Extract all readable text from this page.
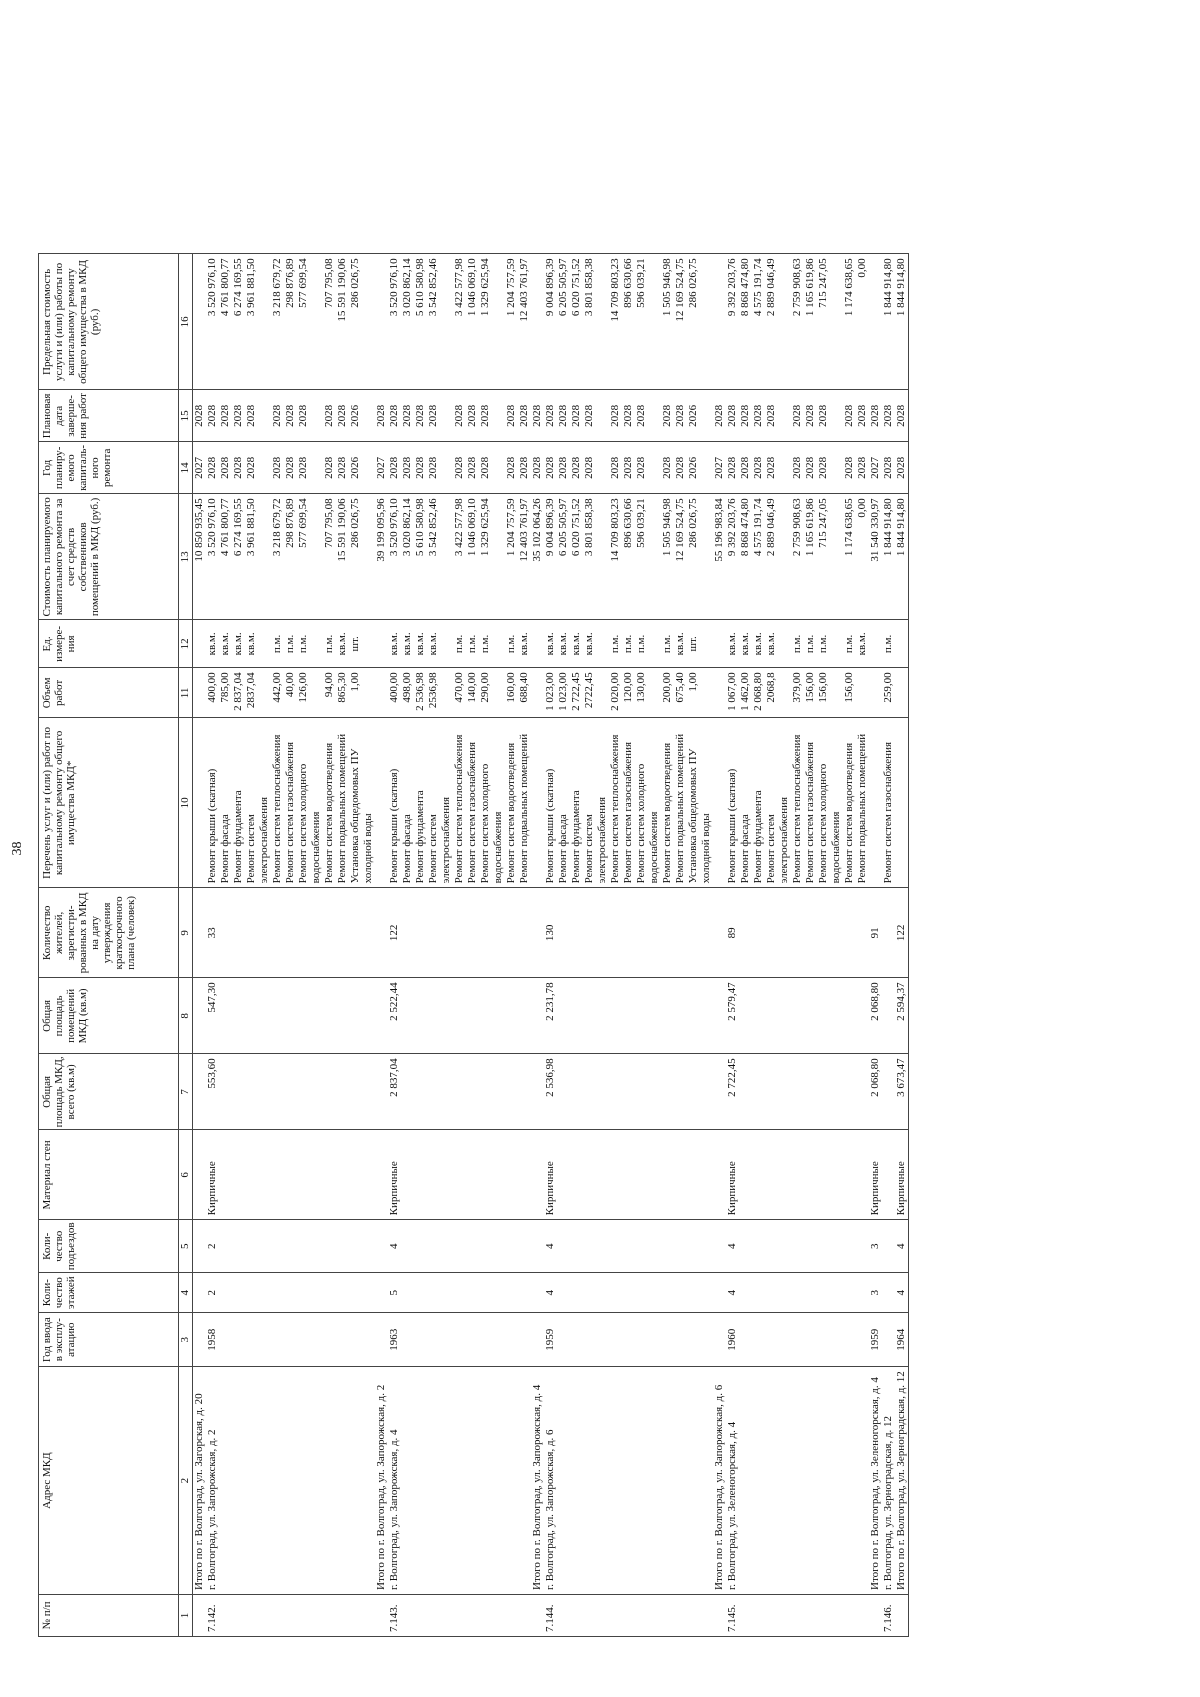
38
№ п/п	Адрес МКД	Год ввода в эксплу-атацию	Коли-чество этажей	Коли-чество подъездов	Материал стен	Общая площадь МКД, всего (кв.м)	Общая площадь помещений МКД (кв.м)	Количество жителей, зарегистри-рованных в МКД на дату утверждения краткосрочного плана (человек)	Перечень услуг и (или) работ по капитальному ремонту общего имущества МКД*	Объем работ	Ед. измере-ния	Стоимость планируемого капитального ремонта за счет средств собственников помещений в МКД (руб.)	Год планиру-емого капиталь-ного ремонта	Плановая дата заверше-ния работ	Предельная стоимость услуги и (или) работы по капитальному ремонту общего имущества в МКД (руб.)
1	2	3	4	5	6	7	8	9	10	11	12	13	14	15	16
	Итого по г. Волгоград, ул. Загорская, д. 20											10 850 935,45	2027	2028	
7.142.	г. Волгоград, ул. Запорожская, д. 2	1958	2	2	Кирпичные	553,60	547,30	33	Ремонт крыши (скатная)	400,00	кв.м.	3 520 976,10	2028	2028	3 520 976,10
									Ремонт фасада	785,00	кв.м.	4 761 800,77	2028	2028	4 761 800,77
									Ремонт фундамента	2 837,04	кв.м.	6 274 169,55	2028	2028	6 274 169,55
									Ремонт систем	2837,04	кв.м.	3 961 881,50	2028	2028	3 961 881,50
									электроснабжения						
									Ремонт систем теплоснабжения	442,00	п.м.	3 218 679,72	2028	2028	3 218 679,72

									Ремонт систем газоснабжения	40,00	п.м.	298 876,89	2028	2028	298 876,89
									Ремонт систем холодного	126,00	п.м.	577 699,54	2028	2028	577 699,54
									водоснабжения						
									Ремонт систем водоотведения	94,00	п.м.	707 795,08	2028	2028	707 795,08
									Ремонт подвальных помещений	865,30	кв.м.	15 591 190,06	2028	2028	15 591 190,06

									Установка общедомовых ПУ	1,00	шт.	286 026,75	2026	2026	286 026,75
									холодной воды						
	Итого по г. Волгоград, ул. Запорожская, д. 2											39 199 095,96	2027	2028	
7.143.	г. Волгоград, ул. Запорожская, д. 4	1963	5	4	Кирпичные	2 837,04	2 522,44	122	Ремонт крыши (скатная)	400,00	кв.м.	3 520 976,10	2028	2028	3 520 976,10
									Ремонт фасада	498,00	кв.м.	3 020 862,14	2028	2028	3 020 862,14
									Ремонт фундамента	2 536,98	кв.м.	5 610 580,98	2028	2028	5 610 580,98
									Ремонт систем	2536,98	кв.м.	3 542 852,46	2028	2028	3 542 852,46
									электроснабжения						
									Ремонт систем теплоснабжения	470,00	п.м.	3 422 577,98	2028	2028	3 422 577,98

									Ремонт систем газоснабжения	140,00	п.м.	1 046 069,10	2028	2028	1 046 069,10
									Ремонт систем холодного	290,00	п.м.	1 329 625,94	2028	2028	1 329 625,94
									водоснабжения						
									Ремонт систем водоотведения	160,00	п.м.	1 204 757,59	2028	2028	1 204 757,59
									Ремонт подвальных помещений	688,40	кв.м.	12 403 761,97	2028	2028	12 403 761,97

	Итого по г. Волгоград, ул. Запорожская, д. 4											35 102 064,26	2028	2028	
7.144.	г. Волгоград, ул. Запорожская, д. 6	1959	4	4	Кирпичные	2 536,98	2 231,78	130	Ремонт крыши (скатная)	1 023,00	кв.м.	9 004 896,39	2028	2028	9 004 896,39
									Ремонт фасада	1 023,00	кв.м.	6 205 505,97	2028	2028	6 205 505,97
									Ремонт фундамента	2 722,45	кв.м.	6 020 751,52	2028	2028	6 020 751,52
									Ремонт систем	2722,45	кв.м.	3 801 858,38	2028	2028	3 801 858,38
									электроснабжения						
									Ремонт систем теплоснабжения	2 020,00	п.м.	14 709 803,23	2028	2028	14 709 803,23

									Ремонт систем газоснабжения	120,00	п.м.	896 630,66	2028	2028	896 630,66
									Ремонт систем холодного	130,00	п.м.	596 039,21	2028	2028	596 039,21
									водоснабжения						
									Ремонт систем водоотведения	200,00	п.м.	1 505 946,98	2028	2028	1 505 946,98
									Ремонт подвальных помещений	675,40	кв.м.	12 169 524,75	2028	2028	12 169 524,75

									Установка общедомовых ПУ	1,00	шт.	286 026,75	2026	2026	286 026,75
									холодной воды						
	Итого по г. Волгоград, ул. Запорожская, д. 6											55 196 983,84	2027	2028	
7.145.	г. Волгоград, ул. Зеленогорская, д. 4	1960	4	4	Кирпичные	2 722,45	2 579,47	89	Ремонт крыши (скатная)	1 067,00	кв.м.	9 392 203,76	2028	2028	9 392 203,76
									Ремонт фасада	1 462,00	кв.м.	8 868 474,80	2028	2028	8 868 474,80
									Ремонт фундамента	2 068,80	кв.м.	4 575 191,74	2028	2028	4 575 191,74
									Ремонт систем	2068,8	кв.м.	2 889 046,49	2028	2028	2 889 046,49
									электроснабжения						
									Ремонт систем теплоснабжения	379,00	п.м.	2 759 908,63	2028	2028	2 759 908,63

									Ремонт систем газоснабжения	156,00	п.м.	1 165 619,86	2028	2028	1 165 619,86
									Ремонт систем холодного	156,00	п.м.	715 247,05	2028	2028	715 247,05
									водоснабжения						
									Ремонт систем водоотведения	156,00	п.м.	1 174 638,65	2028	2028	1 174 638,65
									Ремонт подвальных помещений		кв.м.	0,00	2028	2028	0,00

	Итого по г. Волгоград, ул. Зеленогорская, д. 4	1959	3	3	Кирпичные	2 068,80	2 068,80	91				31 540 330,97	2027	2028	
7.146.	г. Волгоград, ул. Зерноградская, д. 12								Ремонт систем газоснабжения	259,00	п.м.	1 844 914,80	2028	2028	1 844 914,80
	Итого по г. Волгоград, ул. Зерноградская, д. 12	1964	4	4	Кирпичные	3 673,47	2 594,37	122				1 844 914,80	2028	2028	1 844 914,80
